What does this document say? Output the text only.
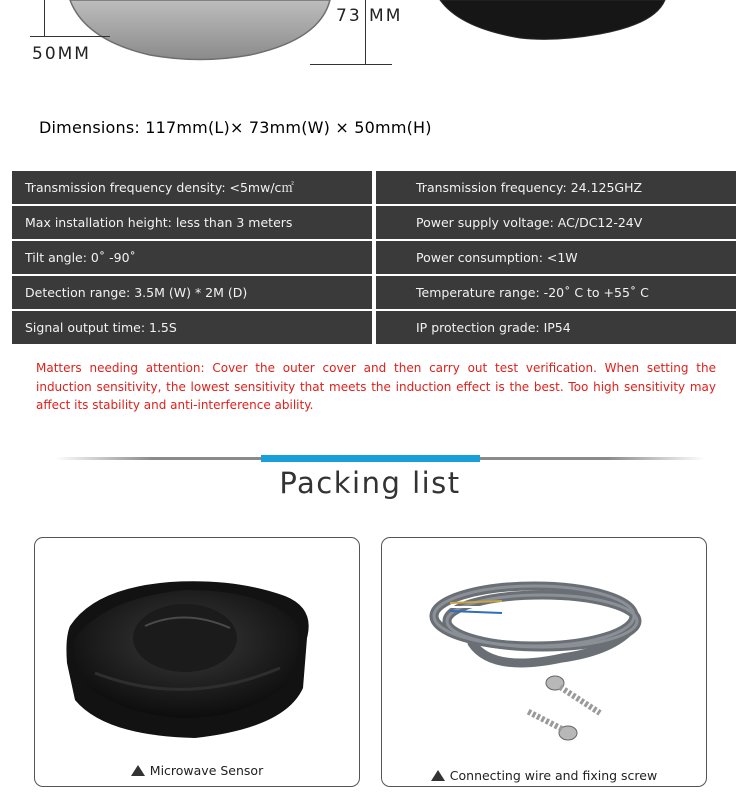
50MM
73 MM
Dimensions: 117mm(L)× 73mm(W) × 50mm(H)
Transmission frequency density: <5mw/c㎡	Transmission frequency: 24.125GHZ
Max installation height: less than 3 meters	Power supply voltage: AC/DC12-24V
Tilt angle: 0˚ -90˚	Power consumption: <1W
Detection range: 3.5M (W) * 2M (D)	Temperature range: -20˚ C to +55˚ C
Signal output time: 1.5S	IP protection grade: IP54
Matters needing attention: Cover the outer cover and then carry out test verification. When setting the induction sensitivity, the lowest sensitivity that meets the induction effect is the best. Too high sensitivity may affect its stability and anti-interference ability.
Packing list
Microwave Sensor	Connecting wire and fixing screw
